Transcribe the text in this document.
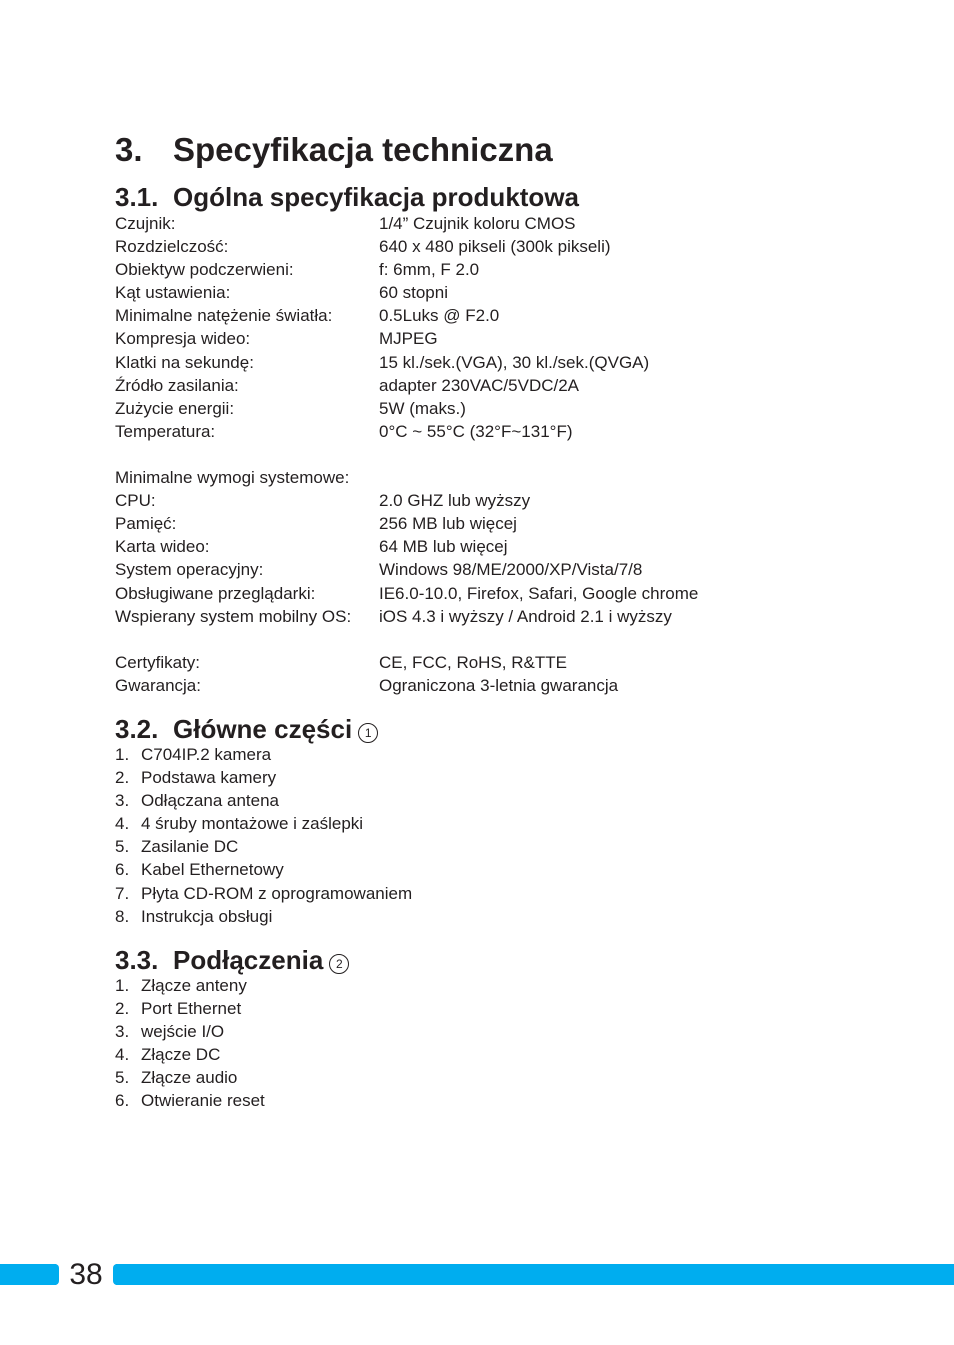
3. Specyfikacja techniczna
3.1. Ogólna specyfikacja produktowa
Czujnik:	1/4” Czujnik koloru CMOS
Rozdzielczość:	640 x 480 pikseli (300k pikseli)
Obiektyw podczerwieni:	f: 6mm, F 2.0
Kąt ustawienia:	60 stopni
Minimalne natężenie światła:	0.5Luks @ F2.0
Kompresja wideo:	MJPEG
Klatki na sekundę:	15 kl./sek.(VGA), 30 kl./sek.(QVGA)
Źródło zasilania:	adapter 230VAC/5VDC/2A
Zużycie energii:	5W (maks.)
Temperatura:	0°C ~ 55°C (32°F~131°F)
Minimalne wymogi systemowe:
CPU:	2.0 GHZ lub wyższy
Pamięć:	256 MB lub więcej
Karta wideo:	64 MB lub więcej
System operacyjny:	Windows 98/ME/2000/XP/Vista/7/8
Obsługiwane przeglądarki:	IE6.0-10.0, Firefox, Safari, Google chrome
Wspierany system mobilny OS:	iOS 4.3 i wyższy / Android 2.1 i wyższy
Certyfikaty:	CE, FCC, RoHS, R&TTE
Gwarancja:	Ograniczona 3-letnia gwarancja
3.2. Główne części 1
1. C704IP.2 kamera
2. Podstawa kamery
3. Odłączana antena
4. 4 śruby montażowe i zaślepki
5. Zasilanie DC
6. Kabel Ethernetowy
7. Płyta CD-ROM z oprogramowaniem
8. Instrukcja obsługi
3.3. Podłączenia 2
1. Złącze anteny
2. Port Ethernet
3. wejście I/O
4. Złącze DC
5. Złącze audio
6. Otwieranie reset
38
